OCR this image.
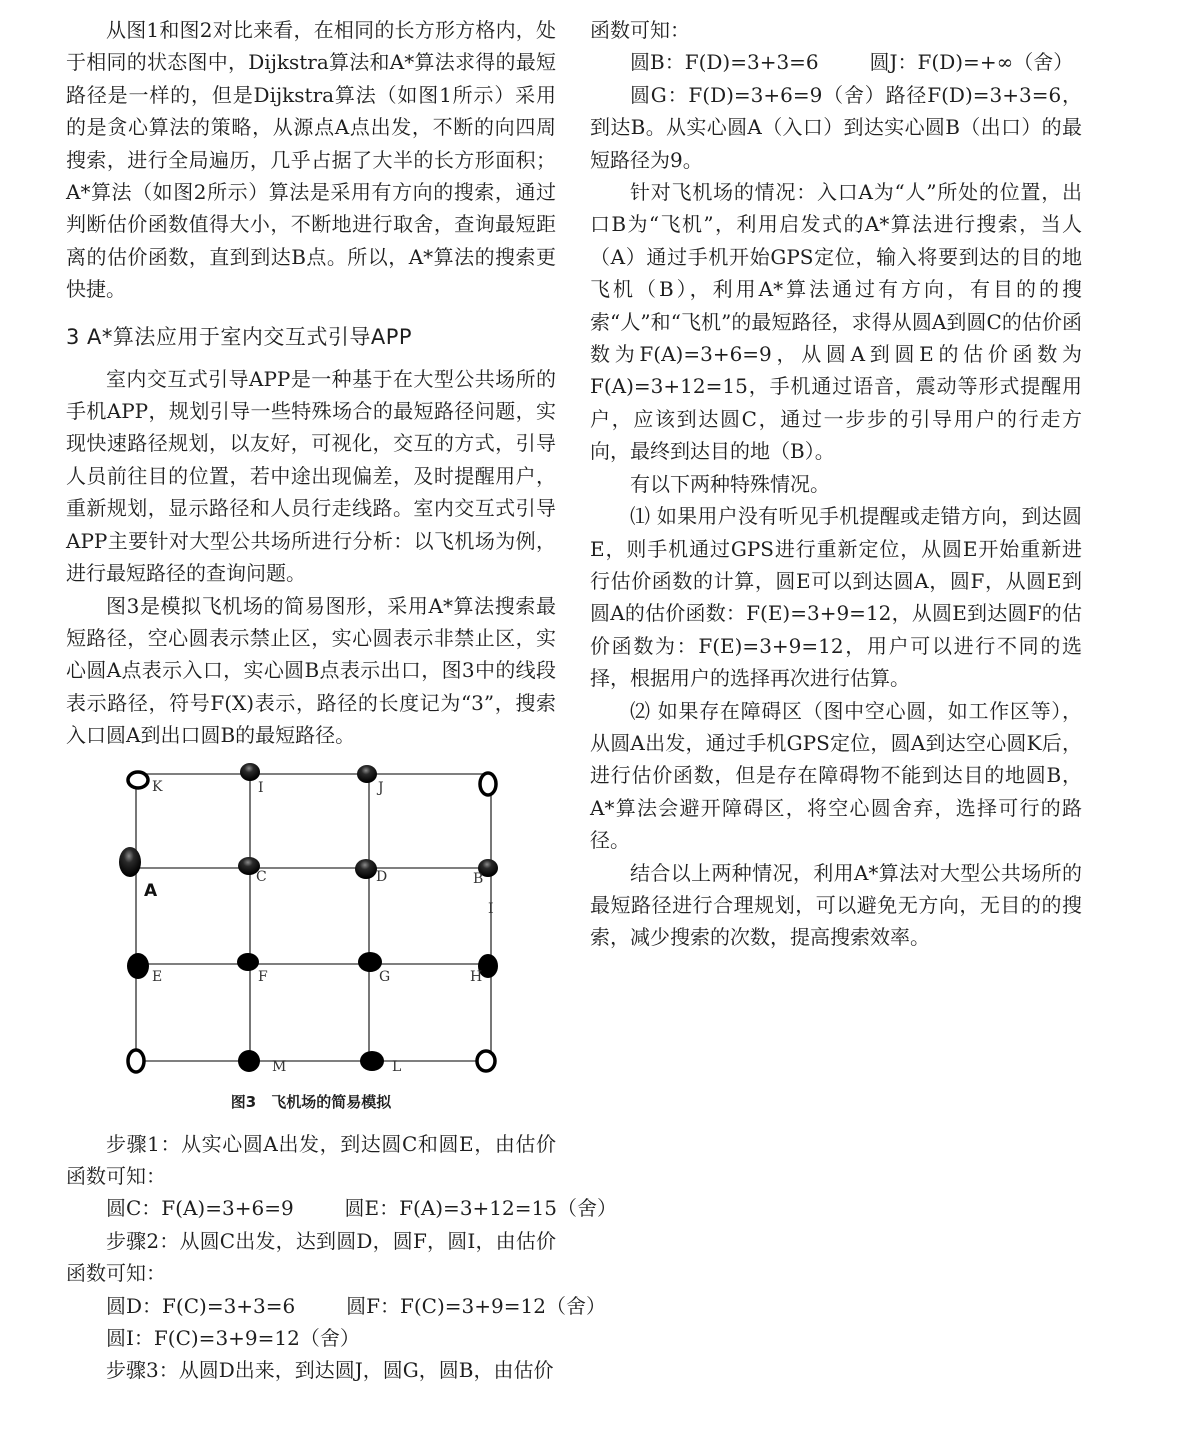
从图1和图2对比来看，在相同的长方形方格内，处于相同的状态图中，Dijkstra算法和A*算法求得的最短路径是一样的，但是Dijkstra算法（如图1所示）采用的是贪心算法的策略，从源点A点出发，不断的向四周搜索，进行全局遍历，几乎占据了大半的长方形面积；A*算法（如图2所示）算法是采用有方向的搜索，通过判断估价函数值得大小，不断地进行取舍，查询最短距离的估价函数，直到到达B点。所以，A*算法的搜索更快捷。

3 A*算法应用于室内交互式引导APP

室内交互式引导APP是一种基于在大型公共场所的手机APP，规划引导一些特殊场合的最短路径问题，实现快速路径规划，以友好，可视化，交互的方式，引导人员前往目的位置，若中途出现偏差，及时提醒用户，重新规划，显示路径和人员行走线路。室内交互式引导APP主要针对大型公共场所进行分析：以飞机场为例，进行最短路径的查询问题。

图3是模拟飞机场的简易图形，采用A*算法搜索最短路径，空心圆表示禁止区，实心圆表示非禁止区，实心圆A点表示入口，实心圆B点表示出口，图3中的线段表示路径，符号F(X)表示，路径的长度记为“3”，搜索入口圆A到出口圆B的最短路径。

K	I	J
A
C	D	B
I
E	F	G	H
M	L
图3　飞机场的简易模拟

步骤1：从实心圆A出发，到达圆C和圆E，由估价函数可知：

圆C：F(A)=3+6=9        圆E：F(A)=3+12=15（舍）

步骤2：从圆C出发，达到圆D，圆F，圆I，由估价函数可知：

圆D：F(C)=3+3=6        圆F：F(C)=3+9=12（舍）

圆I：F(C)=3+9=12（舍）

步骤3：从圆D出来，到达圆J，圆G，圆B，由估价

函数可知：

圆B：F(D)=3+3=6        圆J：F(D)=+∞（舍）

圆G：F(D)=3+6=9（舍）路径F(D)=3+3=6，到达B。从实心圆A（入口）到达实心圆B（出口）的最短路径为9。

针对飞机场的情况：入口A为“人”所处的位置，出口B为“飞机”，利用启发式的A*算法进行搜索，当人（A）通过手机开始GPS定位，输入将要到达的目的地飞机（B），利用A*算法通过有方向，有目的的搜索“人”和“飞机”的最短路径，求得从圆A到圆C的估价函数为F(A)=3+6=9，从圆A到圆E的估价函数为F(A)=3+12=15，手机通过语音，震动等形式提醒用户，应该到达圆C，通过一步步的引导用户的行走方向，最终到达目的地（B）。

有以下两种特殊情况。

⑴ 如果用户没有听见手机提醒或走错方向，到达圆E，则手机通过GPS进行重新定位，从圆E开始重新进行估价函数的计算，圆E可以到达圆A，圆F，从圆E到圆A的估价函数：F(E)=3+9=12，从圆E到达圆F的估价函数为：F(E)=3+9=12，用户可以进行不同的选择，根据用户的选择再次进行估算。

⑵ 如果存在障碍区（图中空心圆，如工作区等），从圆A出发，通过手机GPS定位，圆A到达空心圆K后，进行估价函数，但是存在障碍物不能到达目的地圆B，A*算法会避开障碍区，将空心圆舍弃，选择可行的路径。

结合以上两种情况，利用A*算法对大型公共场所的最短路径进行合理规划，可以避免无方向，无目的的搜索，减少搜索的次数，提高搜索效率。
